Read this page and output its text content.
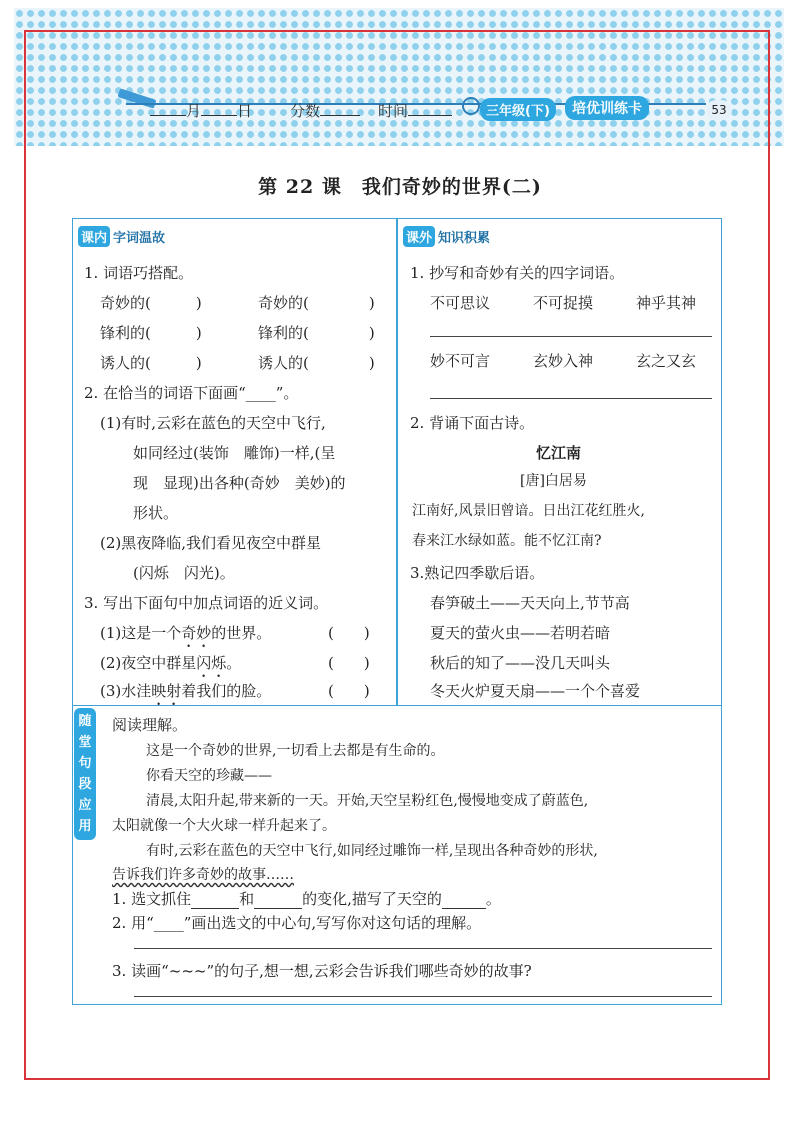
月 日	分数	时间	三年级(下)	培优训练卡	53
第 22 课　我们奇妙的世界(二)
课内 字词温故
1. 词语巧搭配。
奇妙的(　　　)	奇妙的(　　　　)
锋利的(　　　)	锋利的(　　　　)
诱人的(　　　)	诱人的(　　　　)
2. 在恰当的词语下面画“____”。
(1)有时,云彩在蓝色的天空中飞行,
如同经过(装饰　雕饰)一样,(呈
现　显现)出各种(奇妙　美妙)的
形状。
(2)黑夜降临,我们看见夜空中群星
(闪烁　闪光)。
3. 写出下面句中加点词语的近义词。
(1)这是一个奇妙的世界。	(　　)
(2)夜空中群星闪烁。	(　　)
(3)水洼映射着我们的脸。	(　　)
课外 知识积累
1. 抄写和奇妙有关的四字词语。
不可思议	不可捉摸	神乎其神
妙不可言	玄妙入神	玄之又玄
2. 背诵下面古诗。
忆江南
[唐]白居易
江南好,风景旧曾谙。日出江花红胜火,
春来江水绿如蓝。能不忆江南?
3.熟记四季歇后语。
春笋破土——天天向上,节节高
夏天的萤火虫——若明若暗
秋后的知了——没几天叫头
冬天火炉夏天扇——一个个喜爱
随
堂
句
段
应
用
阅读理解。
这是一个奇妙的世界,一切看上去都是有生命的。
你看天空的珍藏——
清晨,太阳升起,带来新的一天。开始,天空呈粉红色,慢慢地变成了蔚蓝色,
太阳就像一个大火球一样升起来了。
有时,云彩在蓝色的天空中飞行,如同经过雕饰一样,呈现出各种奇妙的形状,
告诉我们许多奇妙的故事……
1. 选文抓住	和	的变化,描写了天空的	。
2. 用“____”画出选文的中心句,写写你对这句话的理解。
3. 读画“~~~”的句子,想一想,云彩会告诉我们哪些奇妙的故事?
